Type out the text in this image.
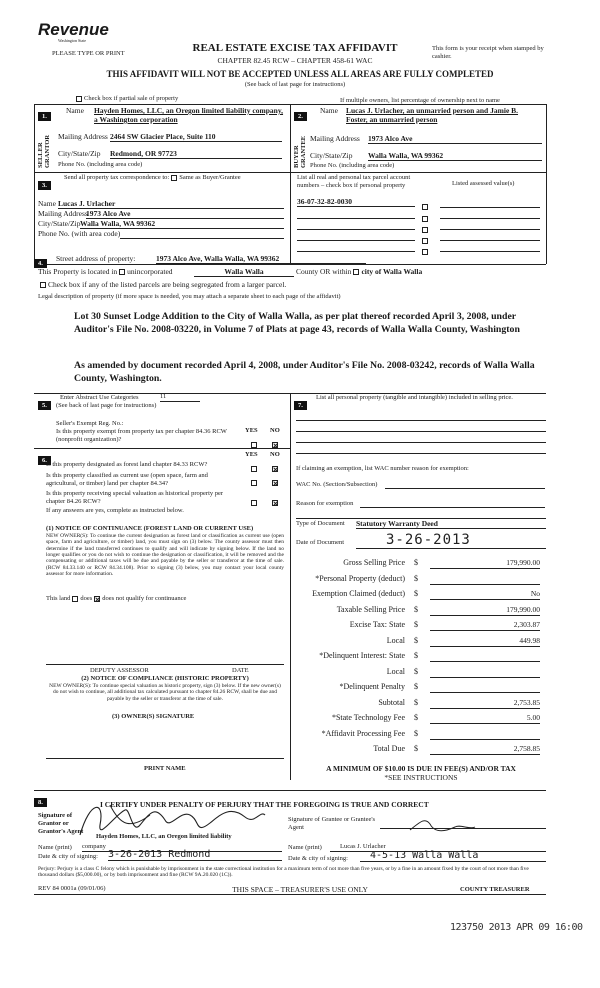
Revenue
Washington State
PLEASE TYPE OR PRINT	REAL ESTATE EXCISE TAX AFFIDAVIT
CHAPTER 82.45 RCW – CHAPTER 458-61 WAC
This form is your receipt when stamped by cashier.
THIS AFFIDAVIT WILL NOT BE ACCEPTED UNLESS ALL AREAS ARE FULLY COMPLETED
(See back of last page for instructions)
Check box if partial sale of property	If multiple owners, list percentage of ownership next to name
1.
Name Hayden Homes, LLC, an Oregon limited liability company, a Washington corporation
SELLER GRANTOR Mailing Address 2464 SW Glacier Place, Suite 110
City/State/Zip Redmond, OR 97723
Phone No. (including area code)
2.
Name Lucas J. Urlacher, an unmarried person and Jamie B. Foster, an unmarried person
BUYER GRANTEE Mailing Address 1973 Alco Ave
City/State/Zip Walla Walla, WA 99362
Phone No. (including area code)
3.
Send all property tax correspondence to: Same as Buyer/Grantee	List all real and personal tax parcel account numbers – check box if personal property	Listed assessed value(s)
36-07-32-82-0030
Name Lucas J. Urlacher
Mailing Address
1973 Alco Ave
City/State/Zip Walla Walla, WA 99362
Phone No. (with area code)
4.
Street address of property:	1973 Alco Ave, Walla Walla, WA 99362
This Property is located in unincorporated	Walla Walla	County OR within city of Walla Walla
Check box if any of the listed parcels are being segregated from a larger parcel.
Legal description of property (if more space is needed, you may attach a separate sheet to each page of the affidavit)
Lot 30 Sunset Lodge Addition to the City of Walla Walla, as per plat thereof recorded April 3, 2008, under Auditor's File No. 2008-03220, in Volume 7 of Plats at page 43, records of Walla Walla County, Washington
As amended by document recorded April 4, 2008, under Auditor's File No. 2008-03242, records of Walla Walla County, Washington.
5.
Enter Abstract Use Categories	11
(See back of last page for instructions)
Seller's Exempt Reg. No.:
Is this property exempt from property tax per chapter 84.36 RCW (nonprofit organization)?
YES NO
6.
YES NO
Is this property designated as forest land chapter 84.33 RCW?
Is this property classified as current use (open space, farm and agricultural, or timber) land per chapter 84.34?
Is this property receiving special valuation as historical property per chapter 84.26 RCW?
If any answers are yes, complete as instructed below.
(1) NOTICE OF CONTINUANCE (FOREST LAND OR CURRENT USE)
NEW OWNER(S): To continue the current designation as forest land or classification as current use (open space, farm and agriculture, or timber) land, you must sign on (3) below. The county assessor must then determine if the land transferred continues to qualify and will indicate by signing below. If the land no longer qualifies or you do not wish to continue the designation or classification, it will be removed and the compensating or additional taxes will be due and payable by the seller or transferor at the time of sale. (RCW 84.33.140 or RCW 84.34.108). Prior to signing (3) below, you may contact your local county assessor for more information.
This land does does not qualify for continuance
DEPUTY ASSESSOR	DATE
(2) NOTICE OF COMPLIANCE (HISTORIC PROPERTY)
NEW OWNER(S): To continue special valuation as historic property, sign (3) below. If the new owner(s) do not wish to continue, all additional tax calculated pursuant to chapter 84.26 RCW, shall be due and payable by the seller or transferor at the time of sale.
(3) OWNER(S) SIGNATURE
PRINT NAME
7.
List all personal property (tangible and intangible) included in selling price.
If claiming an exemption, list WAC number reason for exemption:
WAC No. (Section/Subsection)
Reason for exemption
Type of Document Statutory Warranty Deed
Date of Document	3-26-2013
Gross Selling Price $	179,990.00
*Personal Property (deduct) $
Exemption Claimed (deduct) $	No
Taxable Selling Price $	179,990.00
Excise Tax: State $	2,303.87
Local $	449.98
*Delinquent Interest: State $
Local $
*Delinquent Penalty $
Subtotal $	2,753.85
*State Technology Fee $	5.00
*Affidavit Processing Fee $
Total Due $	2,758.85
A MINIMUM OF $10.00 IS DUE IN FEE(S) AND/OR TAX
*SEE INSTRUCTIONS
8.	I CERTIFY UNDER PENALTY OF PERJURY THAT THE FOREGOING IS TRUE AND CORRECT
Signature of Grantor or Grantor's Agent
Hayden Homes, LLC, an Oregon limited liability
Name (print) company
Date & city of signing: 3-26-2013 Redmond
Signature of Grantee or Grantee's Agent
Name (print)	Lucas J. Urlacher
Date & city of signing:	4-5-13 Walla Walla
Perjury: Perjury is a class C felony which is punishable by imprisonment in the state correctional institution for a maximum term of not more than five years, or by a fine in an amount fixed by the court of not more than five thousand dollars ($5,000.00), or by both imprisonment and fine (RCW 9A.20.020 (1C)).
REV 84 0001a (09/01/06)	THIS SPACE – TREASURER'S USE ONLY	COUNTY TREASURER
123750 2013 APR 09 16:00
